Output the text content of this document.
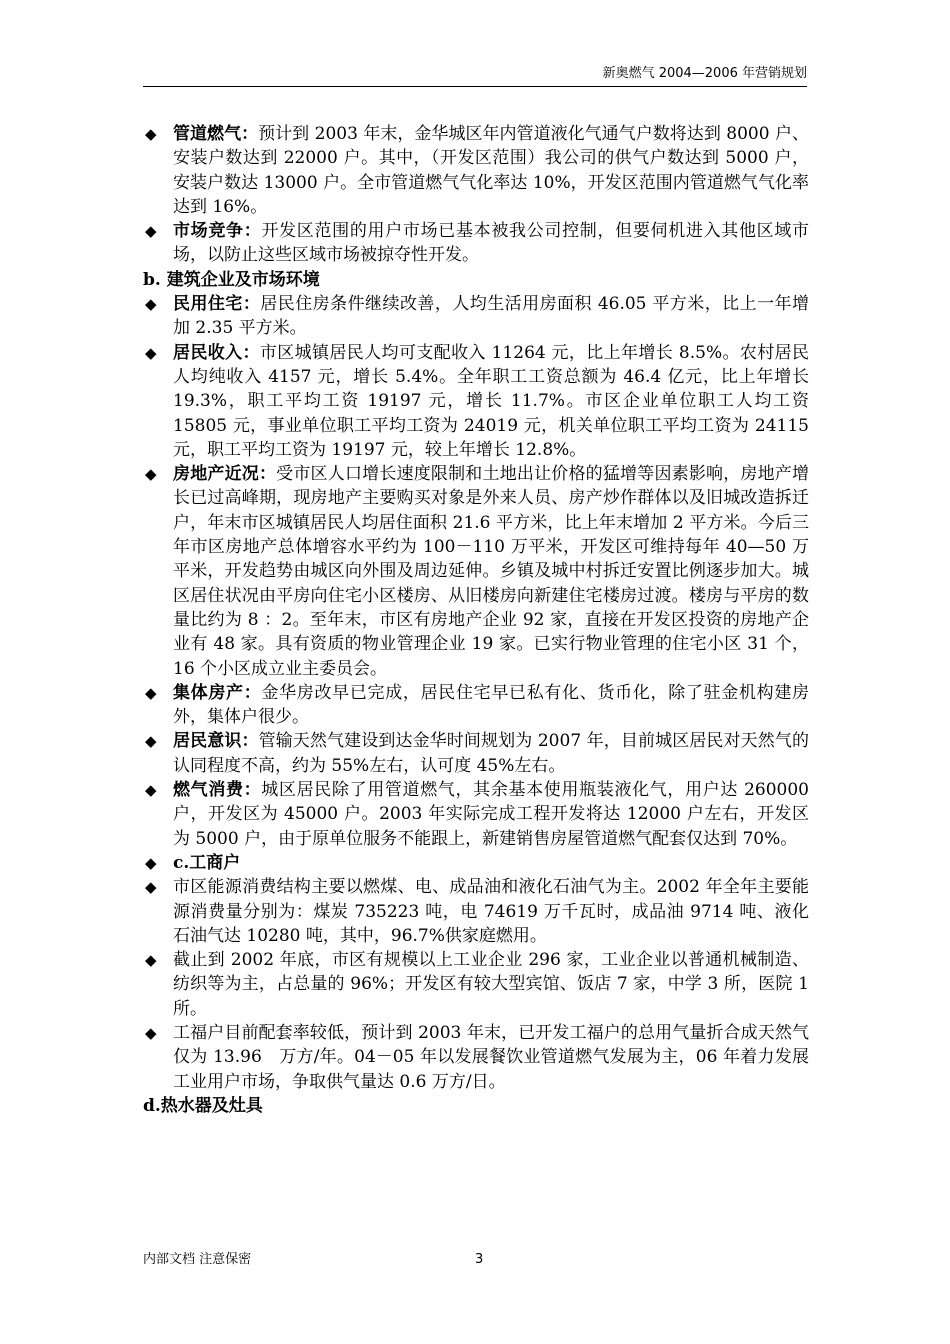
新奥燃气 2004—2006 年营销规划
◆ 管道燃气：预计到 2003 年末，金华城区年内管道液化气通气户数将达到 8000 户、安装户数达到 22000 户。其中，（开发区范围）我公司的供气户数达到 5000 户，安装户数达 13000 户。全市管道燃气气化率达 10%，开发区范围内管道燃气气化率达到 16%。
◆ 市场竞争：开发区范围的用户市场已基本被我公司控制，但要伺机进入其他区域市场，以防止这些区域市场被掠夺性开发。
b. 建筑企业及市场环境
◆ 民用住宅：居民住房条件继续改善，人均生活用房面积 46.05 平方米，比上一年增加 2.35 平方米。
◆ 居民收入：市区城镇居民人均可支配收入 11264 元，比上年增长 8.5%。农村居民人均纯收入 4157 元，增长 5.4%。全年职工工资总额为 46.4 亿元，比上年增长 19.3%，职工平均工资 19197 元，增长 11.7%。市区企业单位职工人均工资 15805 元，事业单位职工平均工资为 24019 元，机关单位职工平均工资为 24115 元，职工平均工资为 19197 元，较上年增长 12.8%。
◆ 房地产近况：受市区人口增长速度限制和土地出让价格的猛增等因素影响，房地产增长已过高峰期，现房地产主要购买对象是外来人员、房产炒作群体以及旧城改造拆迁户，年末市区城镇居民人均居住面积 21.6 平方米，比上年末增加 2 平方米。今后三年市区房地产总体增容水平约为 100－110 万平米，开发区可维持每年 40—50 万平米，开发趋势由城区向外围及周边延伸。乡镇及城中村拆迁安置比例逐步加大。城区居住状况由平房向住宅小区楼房、从旧楼房向新建住宅楼房过渡。楼房与平房的数量比约为 8 ：2。至年末，市区有房地产企业 92 家，直接在开发区投资的房地产企业有 48 家。具有资质的物业管理企业 19 家。已实行物业管理的住宅小区 31 个，16 个小区成立业主委员会。
◆ 集体房产：金华房改早已完成，居民住宅早已私有化、货币化，除了驻金机构建房外，集体户很少。
◆ 居民意识：管输天然气建设到达金华时间规划为 2007 年，目前城区居民对天然气的认同程度不高，约为 55%左右，认可度 45%左右。
◆ 燃气消费：城区居民除了用管道燃气，其余基本使用瓶装液化气，用户达 260000 户，开发区为 45000 户。2003 年实际完成工程开发将达 12000 户左右，开发区为 5000 户，由于原单位服务不能跟上，新建销售房屋管道燃气配套仅达到 70%。
◆ c.工商户
◆ 市区能源消费结构主要以燃煤、电、成品油和液化石油气为主。2002 年全年主要能源消费量分别为：煤炭 735223 吨，电 74619 万千瓦时，成品油 9714 吨、液化石油气达 10280 吨，其中，96.7%供家庭燃用。
◆ 截止到 2002 年底，市区有规模以上工业企业 296 家，工业企业以普通机械制造、纺织等为主，占总量的 96%；开发区有较大型宾馆、饭店 7 家，中学 3 所，医院 1 所。
◆ 工福户目前配套率较低，预计到 2003 年末，已开发工福户的总用气量折合成天然气仅为 13.96　万方/年。04－05 年以发展餐饮业管道燃气发展为主，06 年着力发展工业用户市场，争取供气量达 0.6 万方/日。
d.热水器及灶具
内部文档 注意保密	3
